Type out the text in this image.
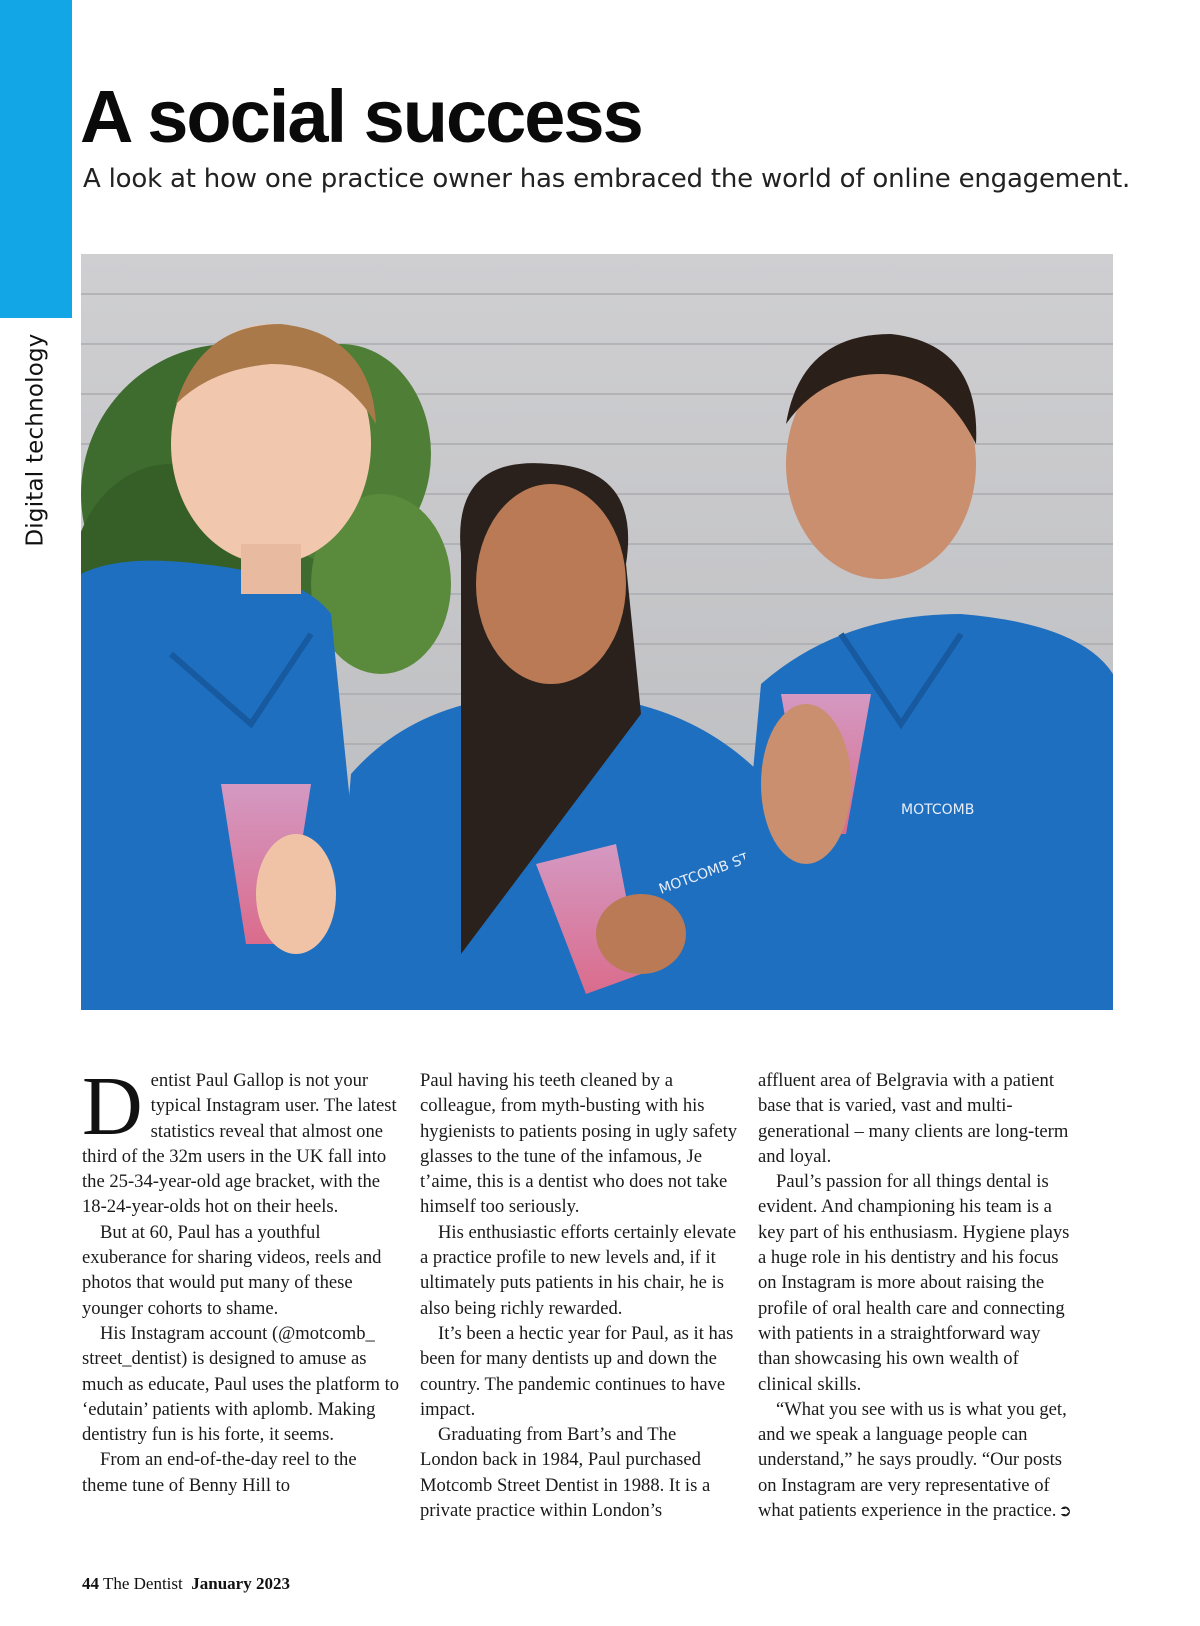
Digital technology
A social success

A look at how one practice owner has embraced the world of online engagement.

MOTCOMB
MOTCOMB

Dentist Paul Gallop is not your typical Instagram user. The latest statistics reveal that almost one third of the 32m users in the UK fall into the 25-34-year-old age bracket, with the 18-24-year-olds hot on their heels.

But at 60, Paul has a youthful exuberance for sharing videos, reels and photos that would put many of these younger cohorts to shame.

His Instagram account (@motcomb_ street_dentist) is designed to amuse as much as educate, Paul uses the platform to ‘edutain’ patients with aplomb. Making dentistry fun is his forte, it seems.

From an end-of-the-day reel to the theme tune of Benny Hill to

Paul having his teeth cleaned by a colleague, from myth-busting with his hygienists to patients posing in ugly safety glasses to the tune of the infamous, Je t’aime, this is a dentist who does not take himself too seriously.

His enthusiastic efforts certainly elevate a practice profile to new levels and, if it ultimately puts patients in his chair, he is also being richly rewarded.

It’s been a hectic year for Paul, as it has been for many dentists up and down the country. The pandemic continues to have impact.

Graduating from Bart’s and The London back in 1984, Paul purchased Motcomb Street Dentist in 1988. It is a private practice within London’s

affluent area of Belgravia with a patient base that is varied, vast and multi-generational – many clients are long-term and loyal.

Paul’s passion for all things dental is evident. And championing his team is a key part of his enthusiasm. Hygiene plays a huge role in his dentistry and his focus on Instagram is more about raising the profile of oral health care and connecting with patients in a straightforward way than showcasing his own wealth of clinical skills.

“What you see with us is what you get, and we speak a language people can understand,” he says proudly. “Our posts on Instagram are very representative of what patients experience in the practice. ➲

44 The Dentist January 2023
